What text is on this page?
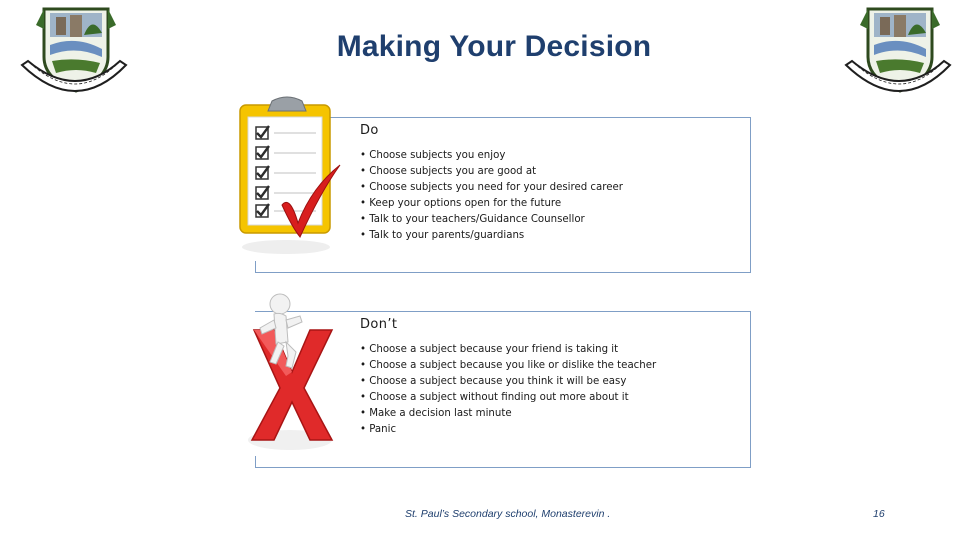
Making Your Decision
Do
• Choose subjects you enjoy
• Choose subjects you are good at
• Choose subjects you need for your desired career
• Keep your options open for the future
• Talk to your teachers/Guidance Counsellor
• Talk to your parents/guardians
Don’t
• Choose a subject because your friend is taking it
• Choose a subject because you like or dislike the teacher
• Choose a subject because you think it will be easy
• Choose a subject without finding out more about it
• Make a decision last minute
• Panic
St. Paul’s Secondary school, Monasterevin .	16
